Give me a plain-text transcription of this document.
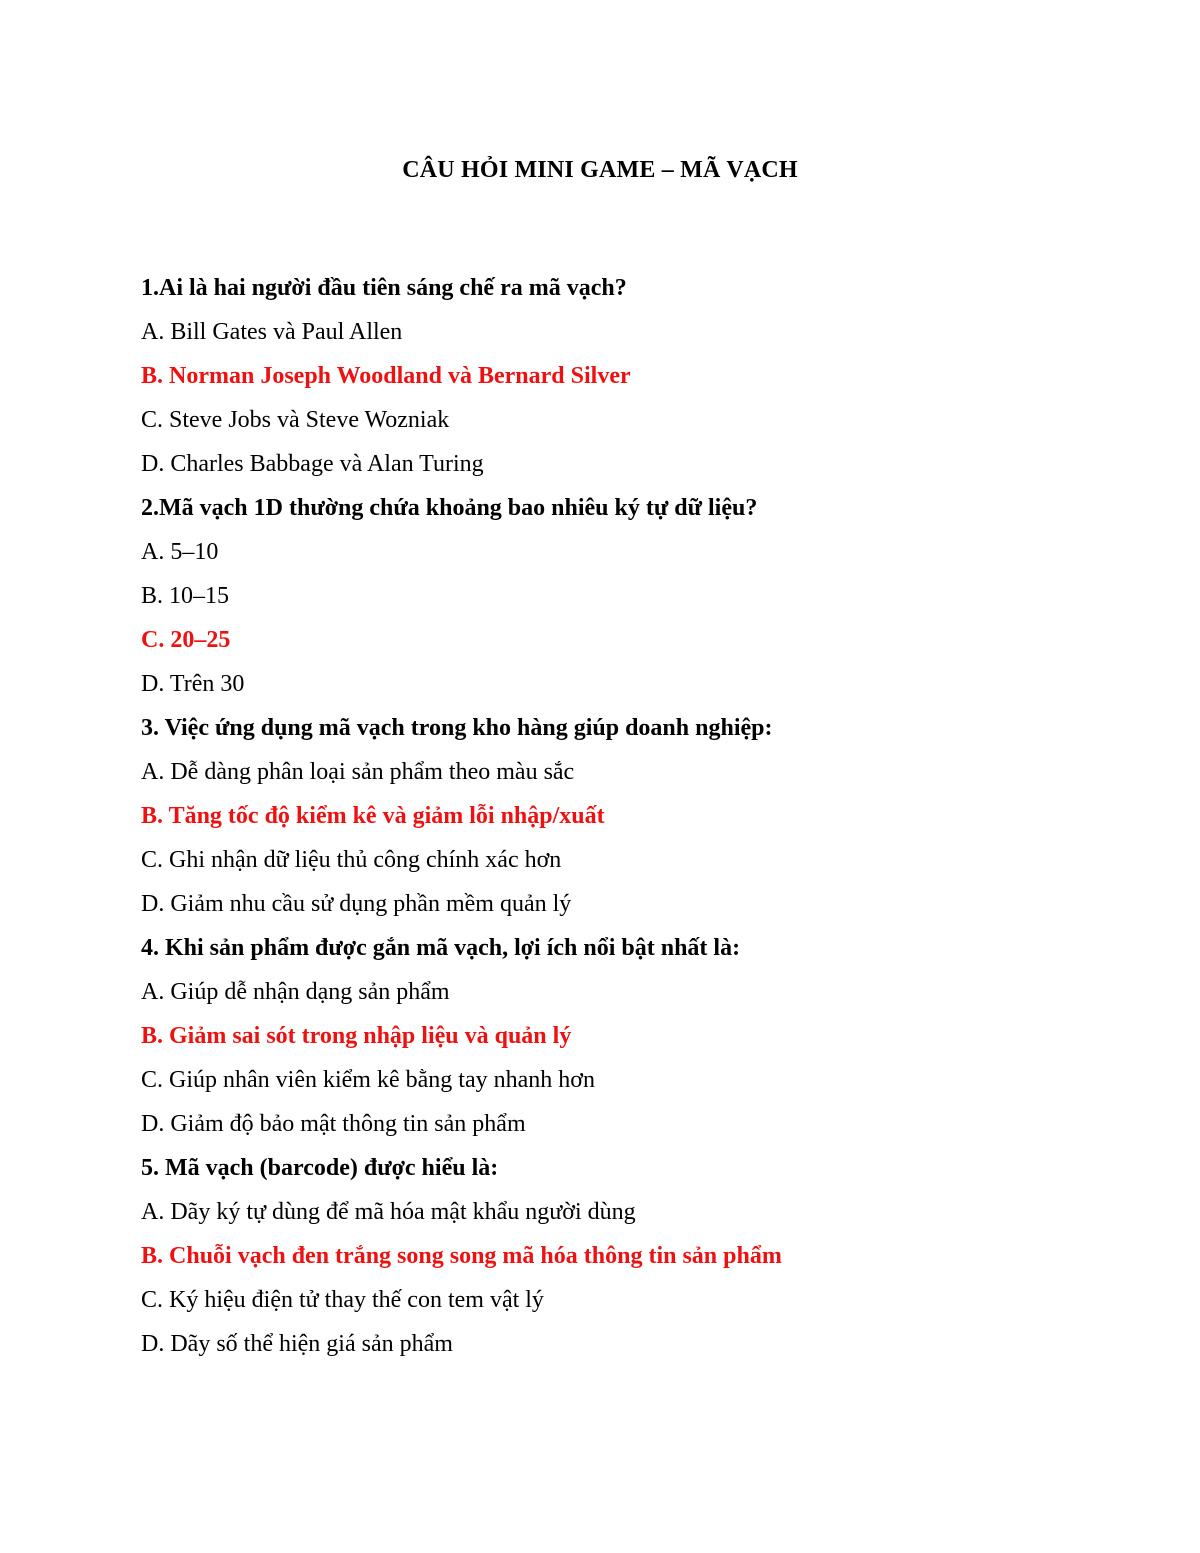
CÂU HỎI MINI GAME – MÃ VẠCH
1.Ai là hai người đầu tiên sáng chế ra mã vạch?
A. Bill Gates và Paul Allen
B. Norman Joseph Woodland và Bernard Silver
C. Steve Jobs và Steve Wozniak
D. Charles Babbage và Alan Turing
2.Mã vạch 1D thường chứa khoảng bao nhiêu ký tự dữ liệu?
A. 5–10
B. 10–15
C. 20–25
D. Trên 30
3. Việc ứng dụng mã vạch trong kho hàng giúp doanh nghiệp:
A. Dễ dàng phân loại sản phẩm theo màu sắc
B. Tăng tốc độ kiểm kê và giảm lỗi nhập/xuất
C. Ghi nhận dữ liệu thủ công chính xác hơn
D. Giảm nhu cầu sử dụng phần mềm quản lý
4. Khi sản phẩm được gắn mã vạch, lợi ích nổi bật nhất là:
A. Giúp dễ nhận dạng sản phẩm
B. Giảm sai sót trong nhập liệu và quản lý
C. Giúp nhân viên kiểm kê bằng tay nhanh hơn
D. Giảm độ bảo mật thông tin sản phẩm
5. Mã vạch (barcode) được hiểu là:
A. Dãy ký tự dùng để mã hóa mật khẩu người dùng
B. Chuỗi vạch đen trắng song song mã hóa thông tin sản phẩm
C. Ký hiệu điện tử thay thế con tem vật lý
D. Dãy số thể hiện giá sản phẩm
